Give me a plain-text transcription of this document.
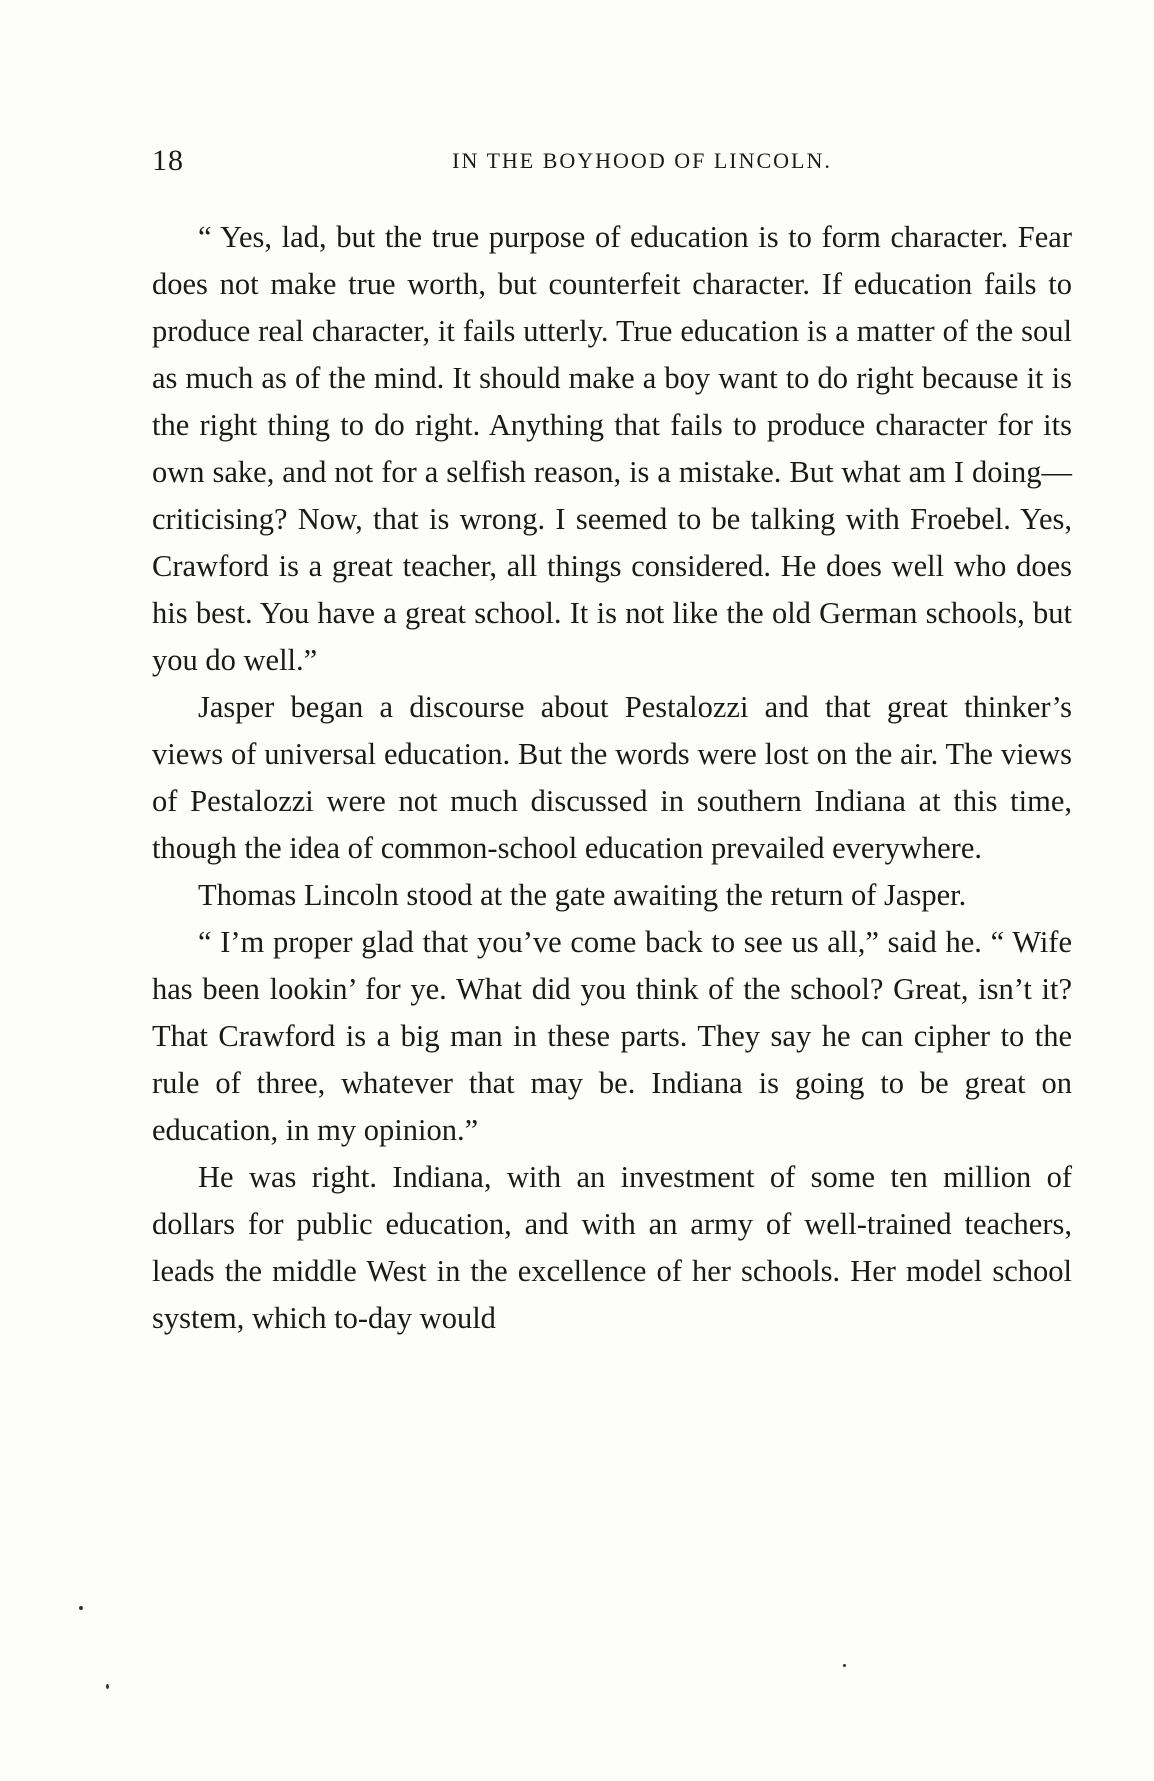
18	IN THE BOYHOOD OF LINCOLN.

“ Yes, lad, but the true purpose of education is to form character. Fear does not make true worth, but counterfeit character. If education fails to produce real character, it fails utterly. True education is a matter of the soul as much as of the mind. It should make a boy want to do right because it is the right thing to do right. Anything that fails to produce character for its own sake, and not for a selfish reason, is a mistake. But what am I doing—criticising? Now, that is wrong. I seemed to be talking with Froebel. Yes, Crawford is a great teacher, all things considered. He does well who does his best. You have a great school. It is not like the old German schools, but you do well.”

Jasper began a discourse about Pestalozzi and that great thinker’s views of universal education. But the words were lost on the air. The views of Pestalozzi were not much discussed in southern Indiana at this time, though the idea of common-school education prevailed everywhere.

Thomas Lincoln stood at the gate awaiting the return of Jasper.

“ I’m proper glad that you’ve come back to see us all,” said he. “ Wife has been lookin’ for ye. What did you think of the school? Great, isn’t it? That Crawford is a big man in these parts. They say he can cipher to the rule of three, whatever that may be. Indiana is going to be great on education, in my opinion.”

He was right. Indiana, with an investment of some ten million of dollars for public education, and with an army of well-trained teachers, leads the middle West in the excellence of her schools. Her model school system, which to-day would
